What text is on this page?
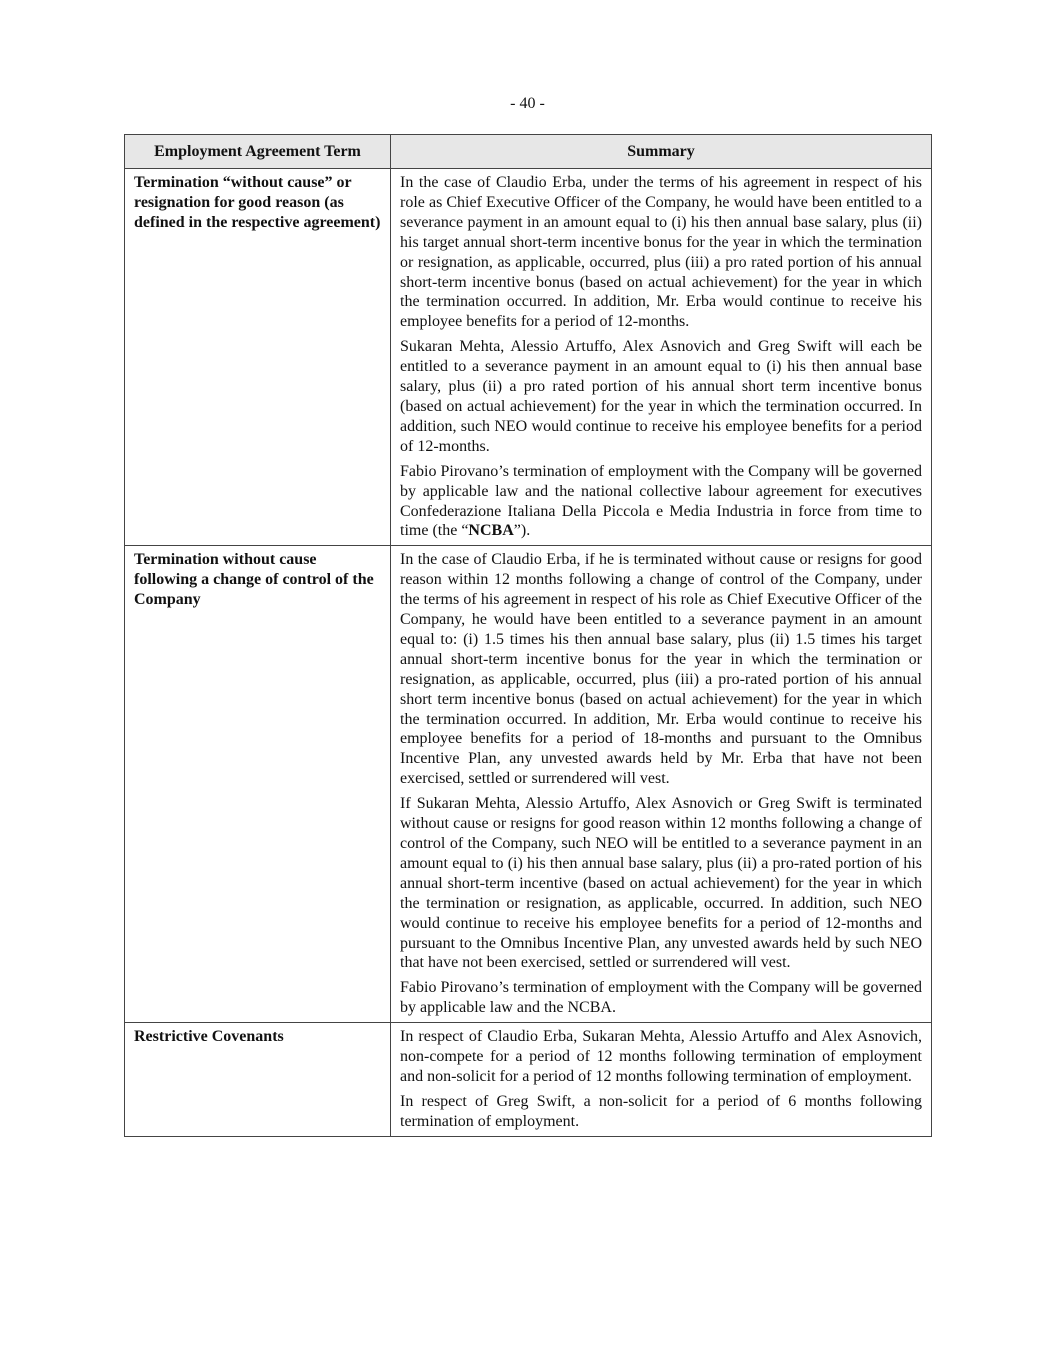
- 40 -
Employment Agreement Term	Summary
Termination “without cause” or resignation for good reason (as defined in the respective agreement)	In the case of Claudio Erba, under the terms of his agreement in respect of his role as Chief Executive Officer of the Company, he would have been entitled to a severance payment in an amount equal to (i) his then annual base salary, plus (ii) his target annual short-term incentive bonus for the year in which the termination or resignation, as applicable, occurred, plus (iii) a pro rated portion of his annual short-term incentive bonus (based on actual achievement) for the year in which the termination occurred. In addition, Mr. Erba would continue to receive his employee benefits for a period of 12-months.

Sukaran Mehta, Alessio Artuffo, Alex Asnovich and Greg Swift will each be entitled to a severance payment in an amount equal to (i) his then annual base salary, plus (ii) a pro rated portion of his annual short term incentive bonus (based on actual achievement) for the year in which the termination occurred. In addition, such NEO would continue to receive his employee benefits for a period of 12-months.

Fabio Pirovano’s termination of employment with the Company will be governed by applicable law and the national collective labour agreement for executives Confederazione Italiana Della Piccola e Media Industria in force from time to time (the “NCBA”).

Termination without cause following a change of control of the Company	In the case of Claudio Erba, if he is terminated without cause or resigns for good reason within 12 months following a change of control of the Company, under the terms of his agreement in respect of his role as Chief Executive Officer of the Company, he would have been entitled to a severance payment in an amount equal to: (i) 1.5 times his then annual base salary, plus (ii) 1.5 times his target annual short-term incentive bonus for the year in which the termination or resignation, as applicable, occurred, plus (iii) a pro-rated portion of his annual short term incentive bonus (based on actual achievement) for the year in which the termination occurred. In addition, Mr. Erba would continue to receive his employee benefits for a period of 18-months and pursuant to the Omnibus Incentive Plan, any unvested awards held by Mr. Erba that have not been exercised, settled or surrendered will vest.

If Sukaran Mehta, Alessio Artuffo, Alex Asnovich or Greg Swift is terminated without cause or resigns for good reason within 12 months following a change of control of the Company, such NEO will be entitled to a severance payment in an amount equal to (i) his then annual base salary, plus (ii) a pro-rated portion of his annual short-term incentive (based on actual achievement) for the year in which the termination or resignation, as applicable, occurred. In addition, such NEO would continue to receive his employee benefits for a period of 12-months and pursuant to the Omnibus Incentive Plan, any unvested awards held by such NEO that have not been exercised, settled or surrendered will vest.

Fabio Pirovano’s termination of employment with the Company will be governed by applicable law and the NCBA.

Restrictive Covenants	In respect of Claudio Erba, Sukaran Mehta, Alessio Artuffo and Alex Asnovich, non-compete for a period of 12 months following termination of employment and non-solicit for a period of 12 months following termination of employment.

In respect of Greg Swift, a non-solicit for a period of 6 months following termination of employment.
